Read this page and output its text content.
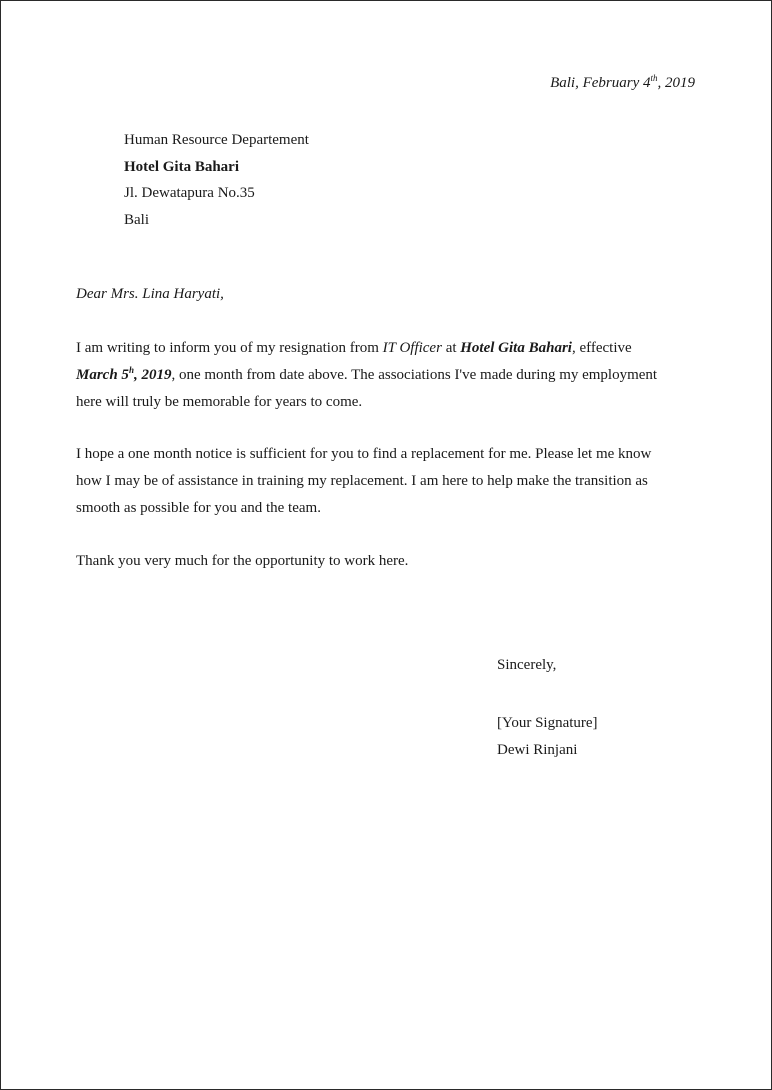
Bali, February 4th, 2019
Human Resource Departement
Hotel Gita Bahari
Jl. Dewatapura No.35
Bali
Dear Mrs. Lina Haryati,
I am writing to inform you of my resignation from IT Officer at Hotel Gita Bahari, effective
March 5$^h$, 2019, one month from date above. The associations I've made during my employment
here will truly be memorable for years to come.
I hope a one month notice is sufficient for you to find a replacement for me. Please let me know
how I may be of assistance in training my replacement. I am here to help make the transition as
smooth as possible for you and the team.
Thank you very much for the opportunity to work here.
Sincerely,
[Your Signature]
Dewi Rinjani
